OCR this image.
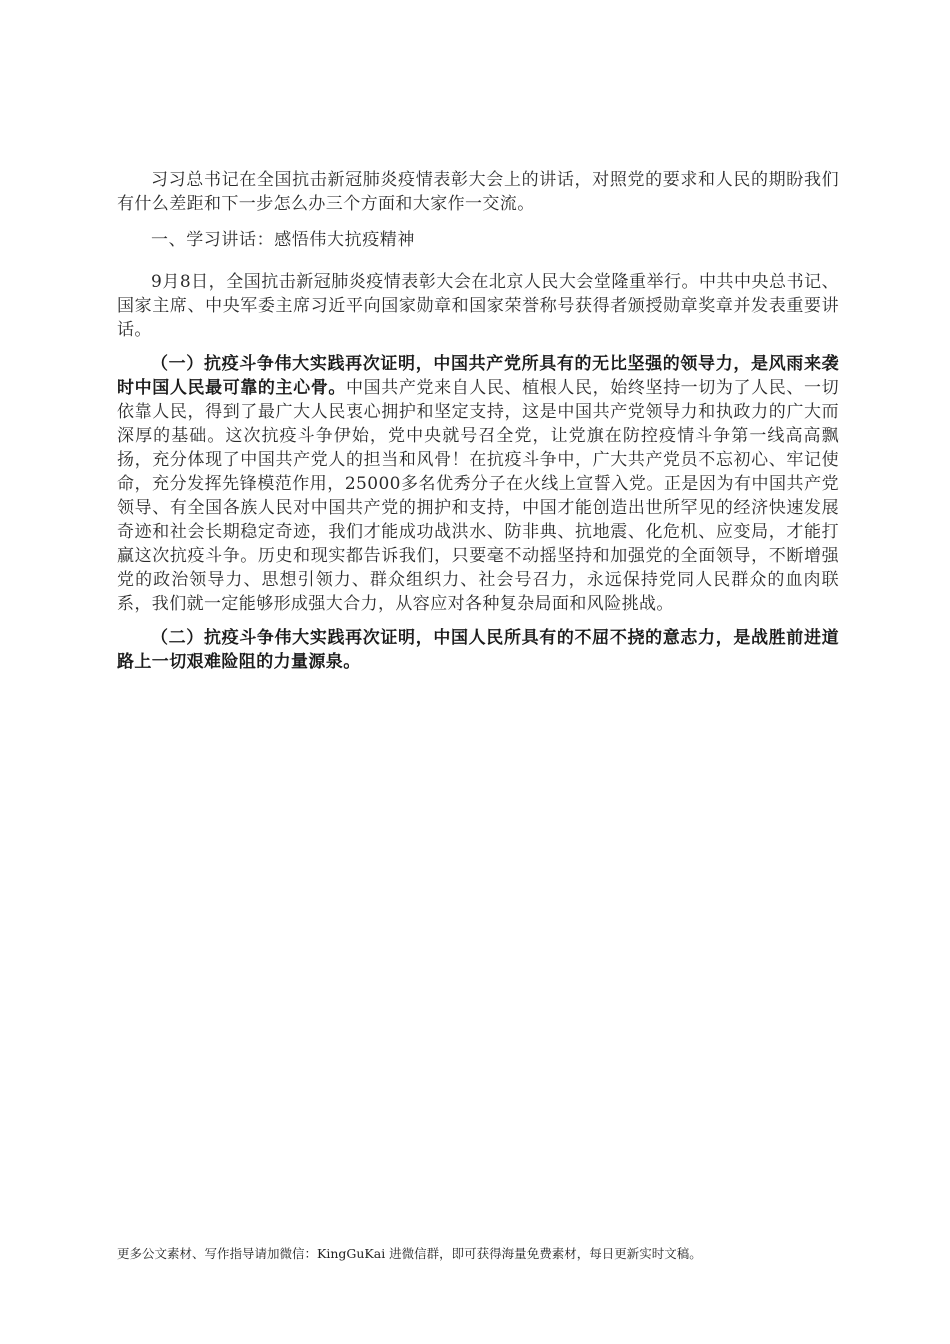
习习总书记在全国抗击新冠肺炎疫情表彰大会上的讲话，对照党的要求和人民的期盼我们有什么差距和下一步怎么办三个方面和大家作一交流。

一、学习讲话：感悟伟大抗疫精神

9月8日，全国抗击新冠肺炎疫情表彰大会在北京人民大会堂隆重举行。中共中央总书记、国家主席、中央军委主席习近平向国家勋章和国家荣誉称号获得者颁授勋章奖章并发表重要讲话。

（一）抗疫斗争伟大实践再次证明，中国共产党所具有的无比坚强的领导力，是风雨来袭时中国人民最可靠的主心骨。中国共产党来自人民、植根人民，始终坚持一切为了人民、一切依靠人民，得到了最广大人民衷心拥护和坚定支持，这是中国共产党领导力和执政力的广大而深厚的基础。这次抗疫斗争伊始，党中央就号召全党，让党旗在防控疫情斗争第一线高高飘扬，充分体现了中国共产党人的担当和风骨！在抗疫斗争中，广大共产党员不忘初心、牢记使命，充分发挥先锋模范作用，25000多名优秀分子在火线上宣誓入党。正是因为有中国共产党领导、有全国各族人民对中国共产党的拥护和支持，中国才能创造出世所罕见的经济快速发展奇迹和社会长期稳定奇迹，我们才能成功战洪水、防非典、抗地震、化危机、应变局，才能打赢这次抗疫斗争。历史和现实都告诉我们，只要毫不动摇坚持和加强党的全面领导，不断增强党的政治领导力、思想引领力、群众组织力、社会号召力，永远保持党同人民群众的血肉联系，我们就一定能够形成强大合力，从容应对各种复杂局面和风险挑战。

（二）抗疫斗争伟大实践再次证明，中国人民所具有的不屈不挠的意志力，是战胜前进道路上一切艰难险阻的力量源泉。

更多公文素材、写作指导请加微信：KingGuKai 进微信群，即可获得海量免费素材，每日更新实时文稿。
